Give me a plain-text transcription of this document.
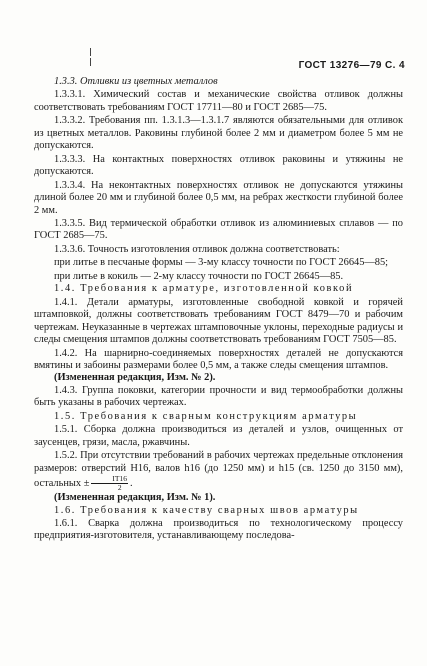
ГОСТ 13276—79 С. 4

1.3.3. Отливки из цветных металлов

1.3.3.1. Химический состав и механические свойства отливок должны соответствовать требованиям ГОСТ 17711—80 и ГОСТ 2685—75.

1.3.3.2. Требования пп. 1.3.1.3—1.3.1.7 являются обязательными для отливок из цветных металлов. Раковины глубиной более 2 мм и диаметром более 5 мм не допускаются.

1.3.3.3. На контактных поверхностях отливок раковины и утяжины не допускаются.

1.3.3.4. На неконтактных поверхностях отливок не допускаются утяжины длиной более 20 мм и глубиной более 0,5 мм, на ребрах жесткости глубиной более 2 мм.

1.3.3.5. Вид термической обработки отливок из алюминиевых сплавов — по ГОСТ 2685—75.

1.3.3.6. Точность изготовления отливок должна соответствовать:

при литье в песчаные формы — 3-му классу точности по ГОСТ 26645—85;

при литье в кокиль — 2-му классу точности по ГОСТ 26645—85.

1.4. Требования к арматуре, изготовленной ковкой

1.4.1. Детали арматуры, изготовленные свободной ковкой и горячей штамповкой, должны соответствовать требованиям ГОСТ 8479—70 и рабочим чертежам. Неуказанные в чертежах штамповочные уклоны, переходные радиусы и следы смещения штампов должны соответствовать требованиям ГОСТ 7505—85.

1.4.2. На шарнирно-соединяемых поверхностях деталей не допускаются вмятины и забоины размерами более 0,5 мм, а также следы смещения штампов.

(Измененная редакция, Изм. № 2).

1.4.3. Группа поковки, категории прочности и вид термообработки должны быть указаны в рабочих чертежах.

1.5. Требования к сварным конструкциям арматуры

1.5.1. Сборка должна производиться из деталей и узлов, очищенных от заусенцев, грязи, масла, ржавчины.

1.5.2. При отсутствии требований в рабочих чертежах предельные отклонения размеров: отверстий Н16, валов h16 (до 1250 мм) и h15 (св. 1250 до 3150 мм), остальных ± $\frac{IT16}{2}$ .

(Измененная редакция, Изм. № 1).

1.6. Требования к качеству сварных швов арматуры

1.6.1. Сварка должна производиться по технологическому процессу предприятия-изготовителя, устанавливающему последова-
